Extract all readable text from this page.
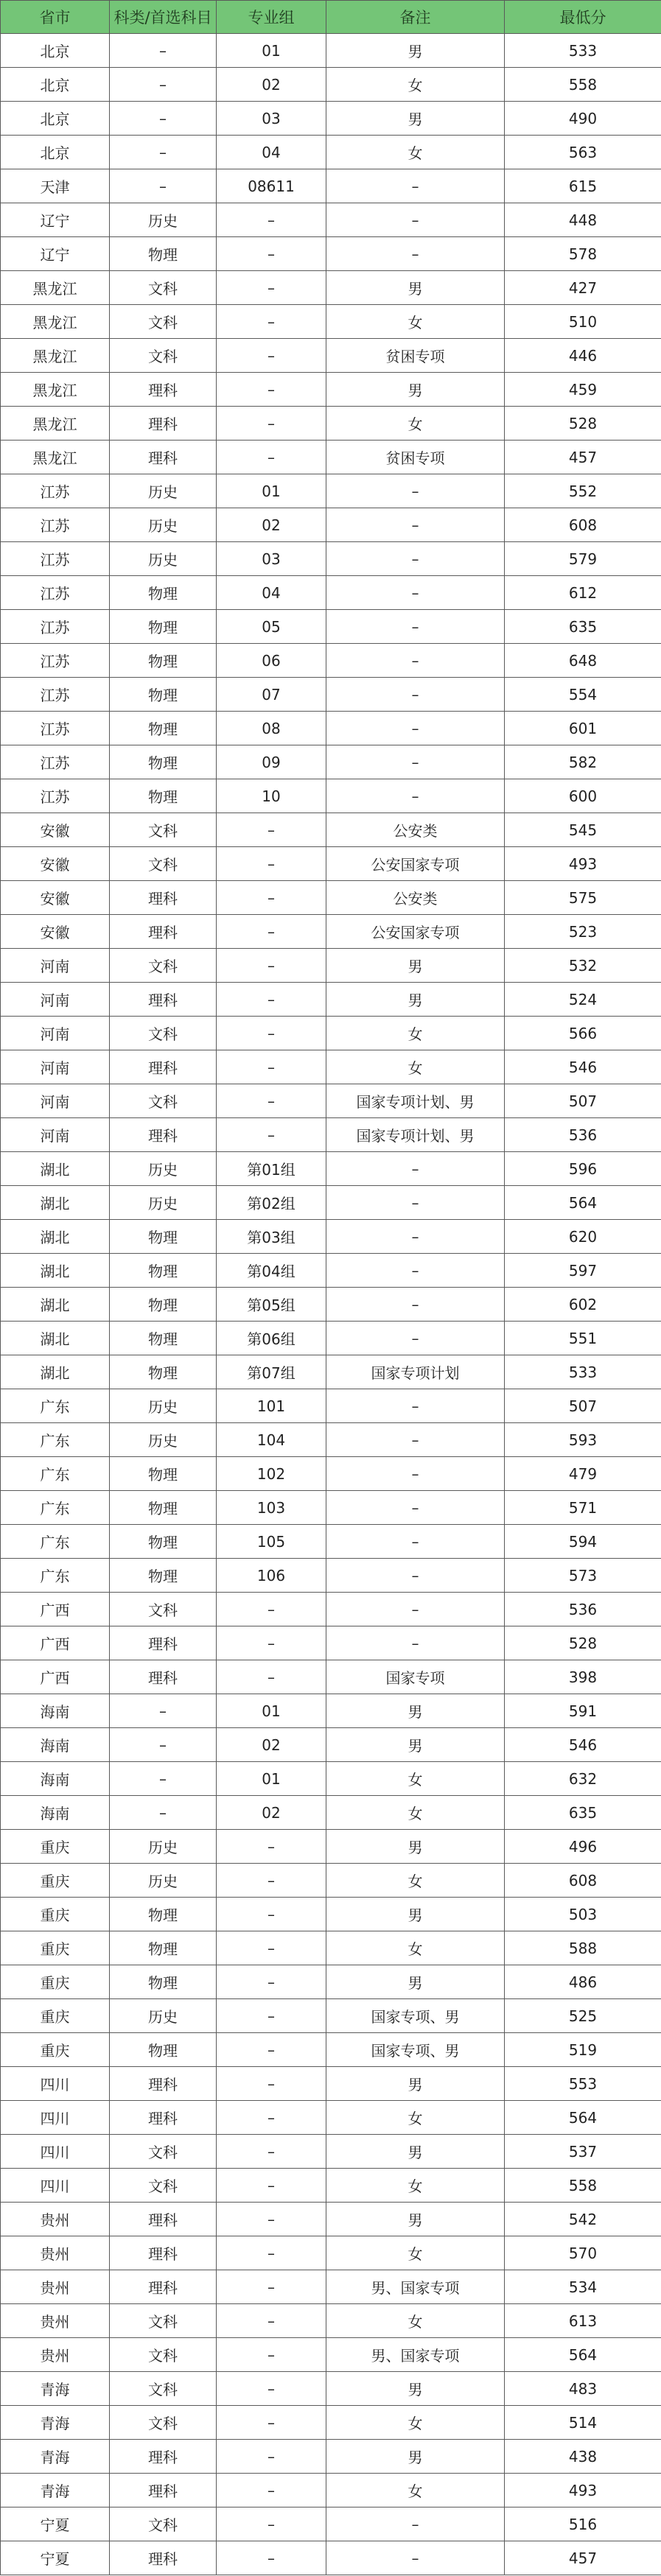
省市	科类/首选科目	专业组	备注	最低分
北京	–	01	男	533
北京	–	02	女	558
北京	–	03	男	490
北京	–	04	女	563
天津	–	08611	–	615
辽宁	历史	–	–	448
辽宁	物理	–	–	578
黑龙江	文科	–	男	427
黑龙江	文科	–	女	510
黑龙江	文科	–	贫困专项	446
黑龙江	理科	–	男	459
黑龙江	理科	–	女	528
黑龙江	理科	–	贫困专项	457
江苏	历史	01	–	552
江苏	历史	02	–	608
江苏	历史	03	–	579
江苏	物理	04	–	612
江苏	物理	05	–	635
江苏	物理	06	–	648
江苏	物理	07	–	554
江苏	物理	08	–	601
江苏	物理	09	–	582
江苏	物理	10	–	600
安徽	文科	–	公安类	545
安徽	文科	–	公安国家专项	493
安徽	理科	–	公安类	575
安徽	理科	–	公安国家专项	523
河南	文科	–	男	532
河南	理科	–	男	524
河南	文科	–	女	566
河南	理科	–	女	546
河南	文科	–	国家专项计划、男	507
河南	理科	–	国家专项计划、男	536
湖北	历史	第01组	–	596
湖北	历史	第02组	–	564
湖北	物理	第03组	–	620
湖北	物理	第04组	–	597
湖北	物理	第05组	–	602
湖北	物理	第06组	–	551
湖北	物理	第07组	国家专项计划	533
广东	历史	101	–	507
广东	历史	104	–	593
广东	物理	102	–	479
广东	物理	103	–	571
广东	物理	105	–	594
广东	物理	106	–	573
广西	文科	–	–	536
广西	理科	–	–	528
广西	理科	–	国家专项	398
海南	–	01	男	591
海南	–	02	男	546
海南	–	01	女	632
海南	–	02	女	635
重庆	历史	–	男	496
重庆	历史	–	女	608
重庆	物理	–	男	503
重庆	物理	–	女	588
重庆	物理	–	男	486
重庆	历史	–	国家专项、男	525
重庆	物理	–	国家专项、男	519
四川	理科	–	男	553
四川	理科	–	女	564
四川	文科	–	男	537
四川	文科	–	女	558
贵州	理科	–	男	542
贵州	理科	–	女	570
贵州	理科	–	男、国家专项	534
贵州	文科	–	女	613
贵州	文科	–	男、国家专项	564
青海	文科	–	男	483
青海	文科	–	女	514
青海	理科	–	男	438
青海	理科	–	女	493
宁夏	文科	–	–	516
宁夏	理科	–	–	457
